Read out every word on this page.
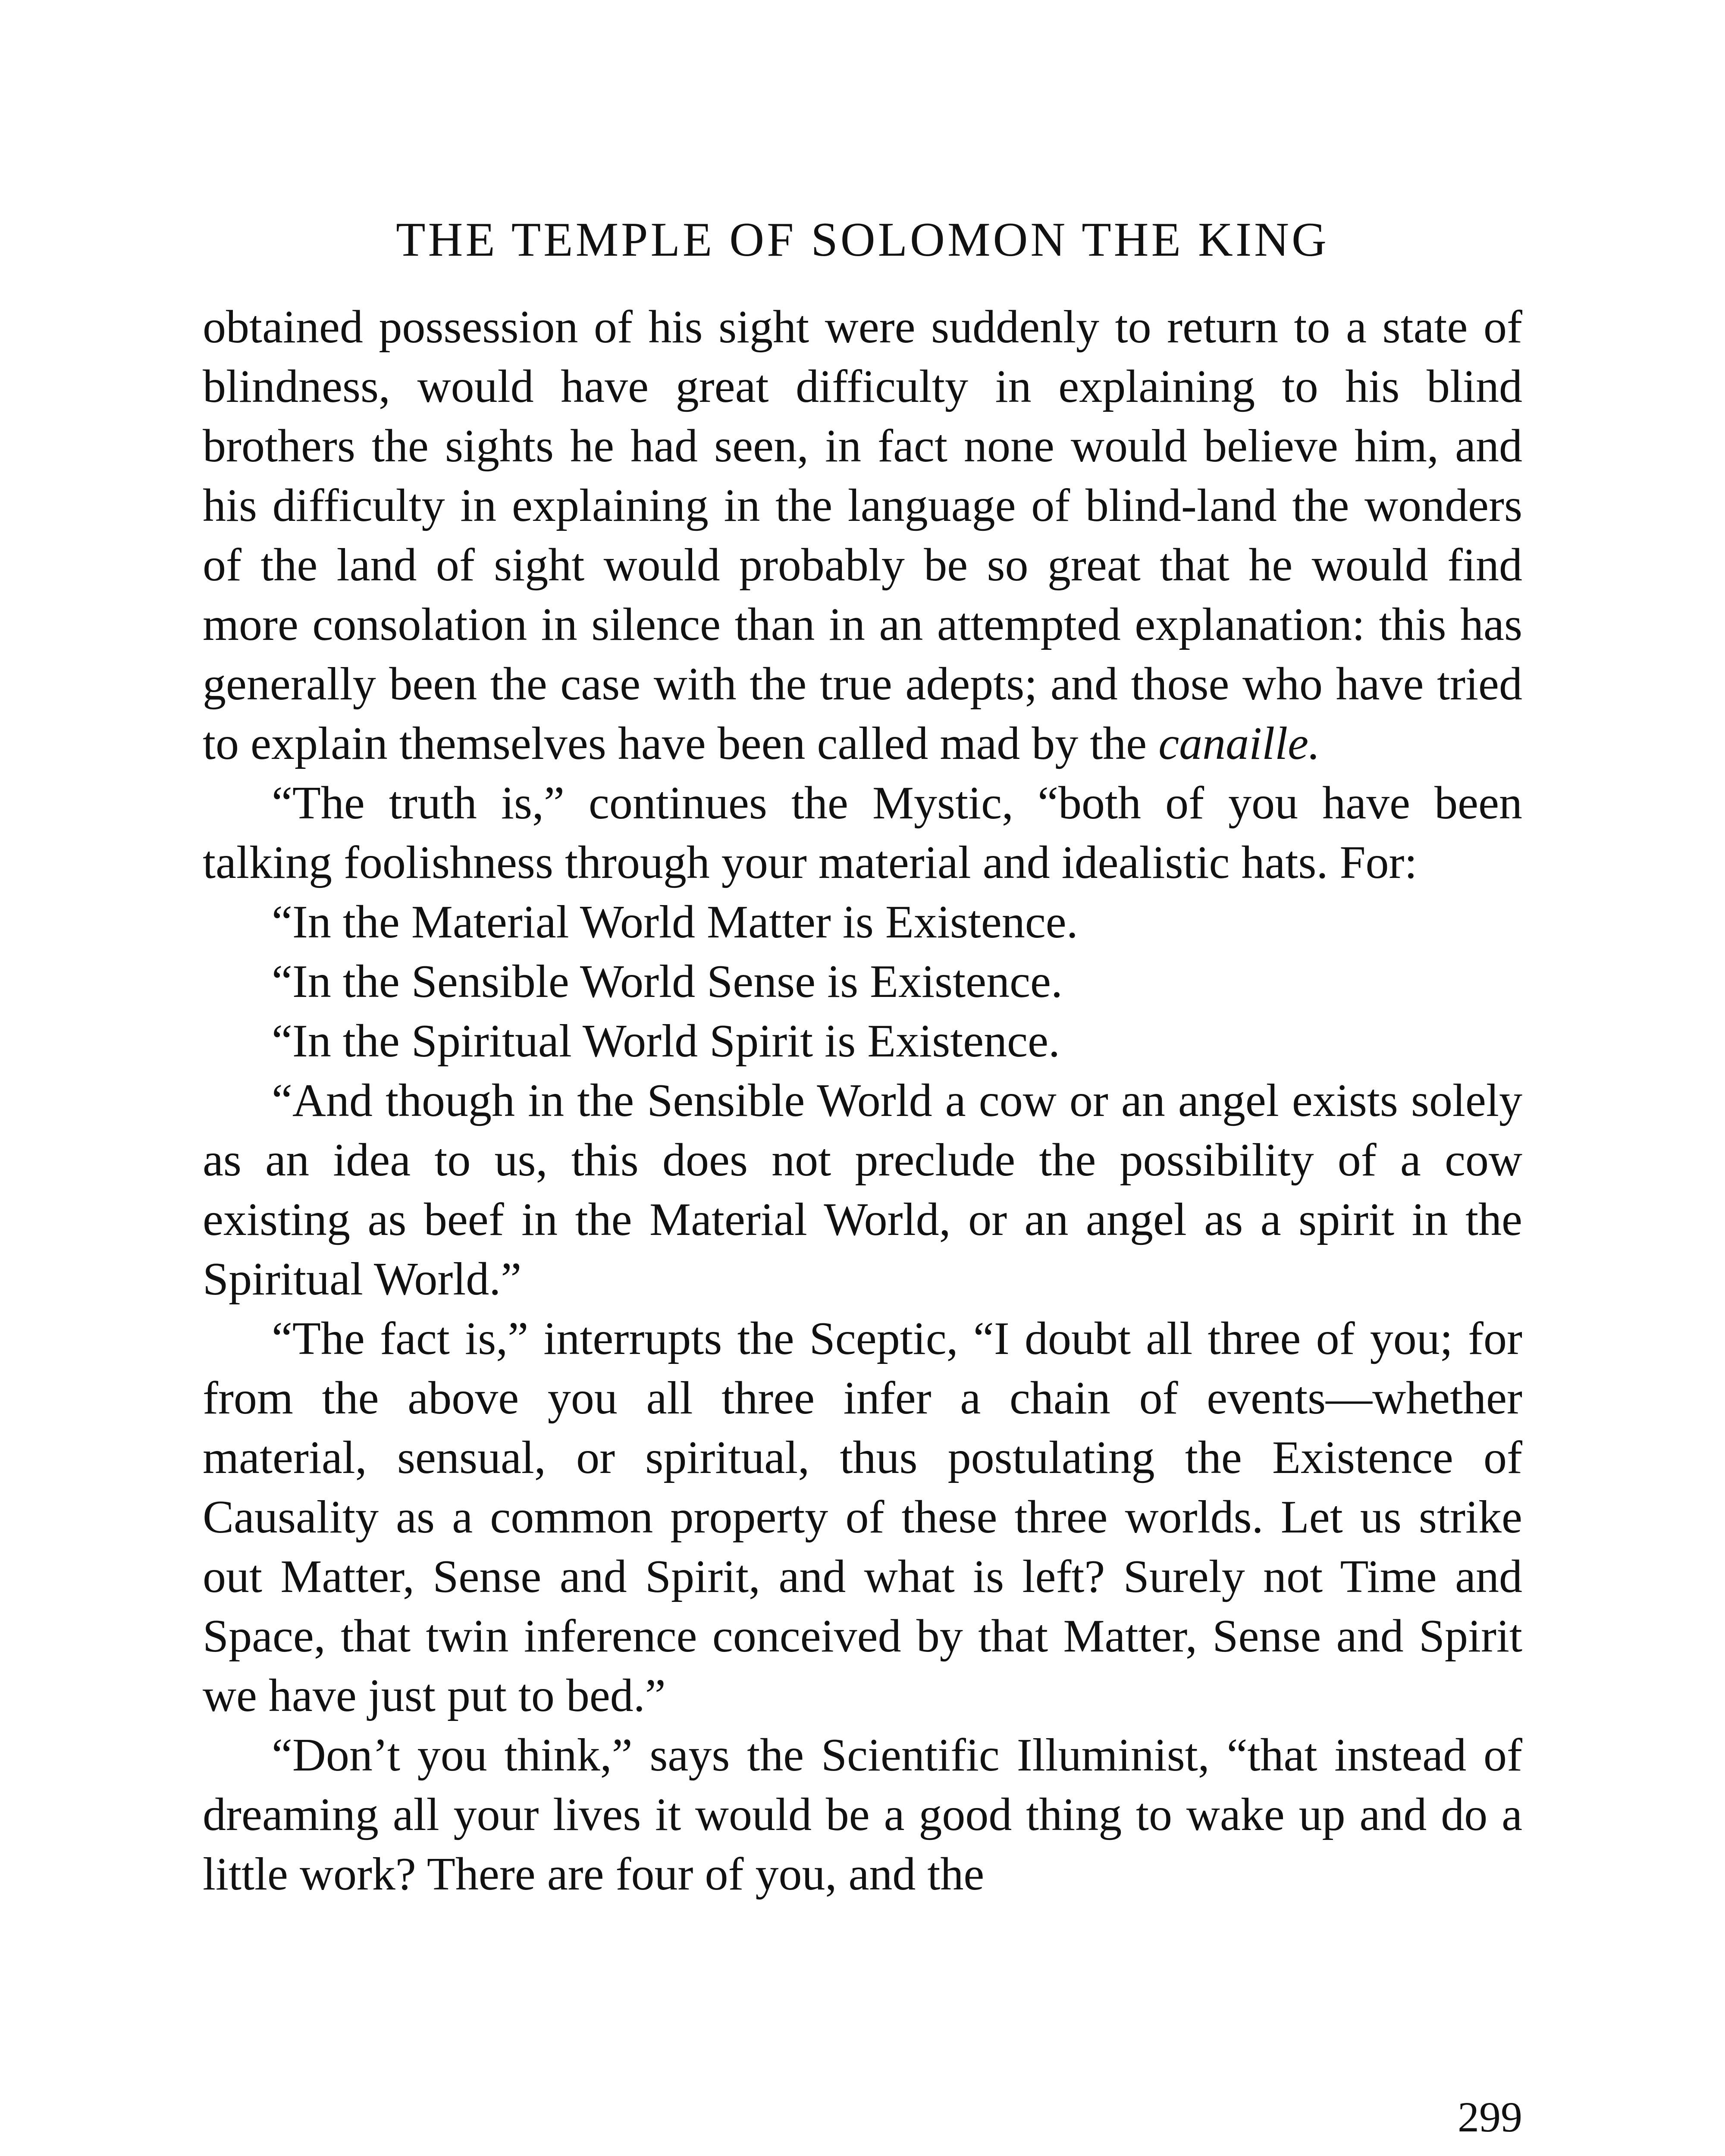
THE TEMPLE OF SOLOMON THE KING

obtained possession of his sight were suddenly to return to a state of blindness, would have great difficulty in explaining to his blind brothers the sights he had seen, in fact none would believe him, and his difficulty in explaining in the language of blind-land the wonders of the land of sight would probably be so great that he would find more consolation in silence than in an attempted explanation: this has generally been the case with the true adepts; and those who have tried to explain themselves have been called mad by the canaille.

“The truth is,” continues the Mystic, “both of you have been talking foolishness through your material and idealistic hats. For:

“In the Material World Matter is Existence.

“In the Sensible World Sense is Existence.

“In the Spiritual World Spirit is Existence.

“And though in the Sensible World a cow or an angel exists solely as an idea to us, this does not preclude the possibility of a cow existing as beef in the Material World, or an angel as a spirit in the Spiritual World.”

“The fact is,” interrupts the Sceptic, “I doubt all three of you; for from the above you all three infer a chain of events—whether material, sensual, or spiritual, thus postulating the Existence of Causality as a common property of these three worlds. Let us strike out Matter, Sense and Spirit, and what is left? Surely not Time and Space, that twin inference conceived by that Matter, Sense and Spirit we have just put to bed.”

“Don’t you think,” says the Scientific Illuminist, “that instead of dreaming all your lives it would be a good thing to wake up and do a little work? There are four of you, and the

299
